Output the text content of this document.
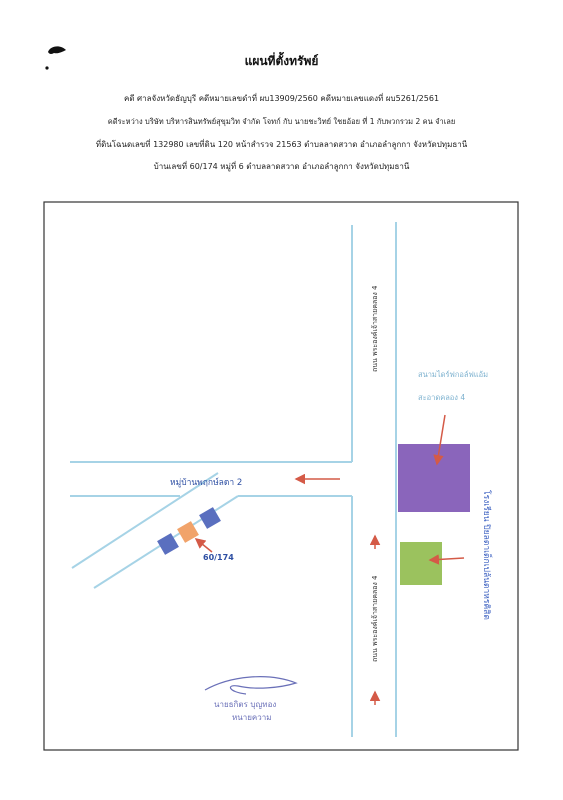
แผนที่ตั้งทรัพย์
คดี ศาลจังหวัดธัญบุรี คดีหมายเลขดำที่ ผบ13909/2560 คดีหมายเลขแดงที่ ผบ5261/2561
คดีระหว่าง บริษัท บริหารสินทรัพย์สุขุมวิท จำกัด โจทก์ กับ นายชะวิทย์ ใชยอ้อย ที่ 1 กับพวกรวม 2 คน จำเลย
ที่ดินโฉนดเลขที่ 132980 เลขที่ดิน 120 หน้าสำรวจ 21563 ตำบลลาดสวาด อำเภอลำลูกกา จังหวัดปทุมธานี
บ้านเลขที่ 60/174 หมู่ที่ 6 ตำบลลาดสวาด อำเภอลำลูกกา จังหวัดปทุมธานี
ถนน พระองค์เจ้าสายคลอง 4
ถนน พระองค์เจ้าสายคลอง 4
หมู่บ้านพฤกษ์ลดา 2
สนามไดร์ฟกอล์ฟแอ้ม
สะอาดคลอง 4
โรงเรียน ปิยลดาเด็กเปล้นดาหรคิสิต
60/174
นายธกิตร บุญทอง
หนายความ
